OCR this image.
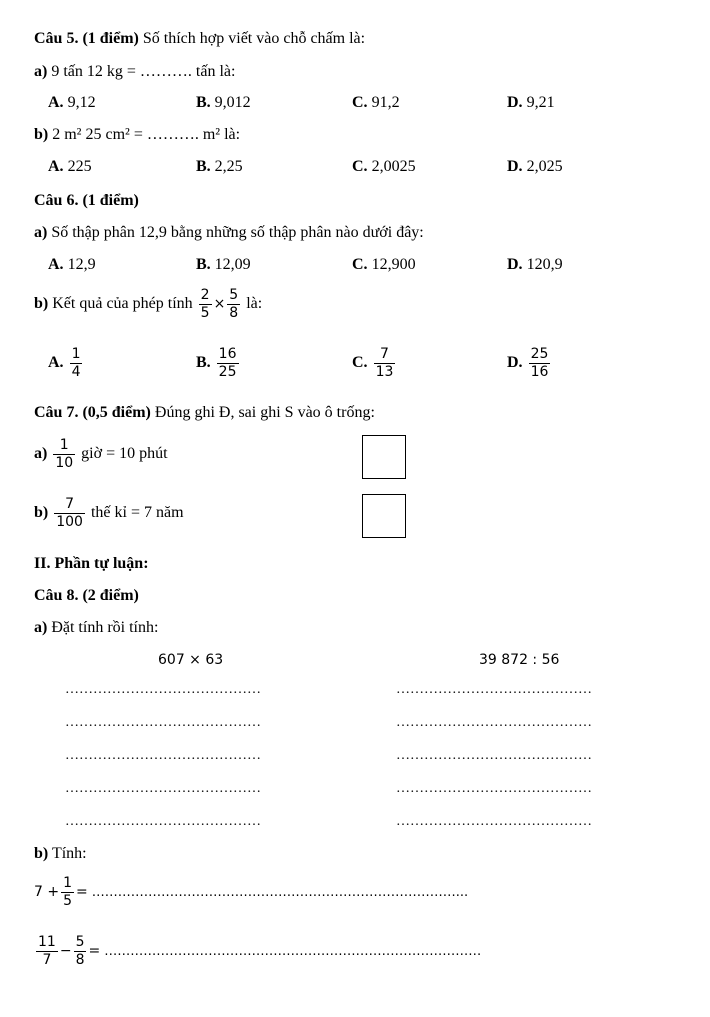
Câu 5. (1 điểm) Số thích hợp viết vào chỗ chấm là:
a) 9 tấn 12 kg = ………. tấn là:
A. 9,12	B. 9,012	C. 91,2	D. 9,21
b) 2 m² 25 cm² = ………. m² là:
A. 225	B. 2,25	C. 2,0025	D. 2,025
Câu 6. (1 điểm)
a) Số thập phân 12,9 bằng những số thập phân nào dưới đây:
A. 12,9	B. 12,09	C. 12,900	D. 120,9
b) Kết quả của phép tính $\frac{2}{5} \times \frac{5}{8}$ là:
A. $\frac{1}{4}$	B. $\frac{16}{25}$	C. $\frac{7}{13}$	D. $\frac{25}{16}$
Câu 7. (0,5 điểm) Đúng ghi Đ, sai ghi S vào ô trống:
$a) \frac{1}{10}$ giờ = 10 phút
$b) \frac{7}{100}$ thế kỉ = 7 năm
II. Phần tự luận:
Câu 8. (2 điểm)
a) Đặt tính rồi tính:
607 × 63	39 872 : 56
……………………………………	……………………………………
……………………………………	……………………………………
……………………………………	……………………………………
……………………………………	……………………………………
……………………………………	……………………………………
b) Tính:
$7 + \frac{1}{5}$ = …………………………………………………………………………...
$\frac{11}{7} - \frac{5}{8}$ = ……………………………………………………………………………
